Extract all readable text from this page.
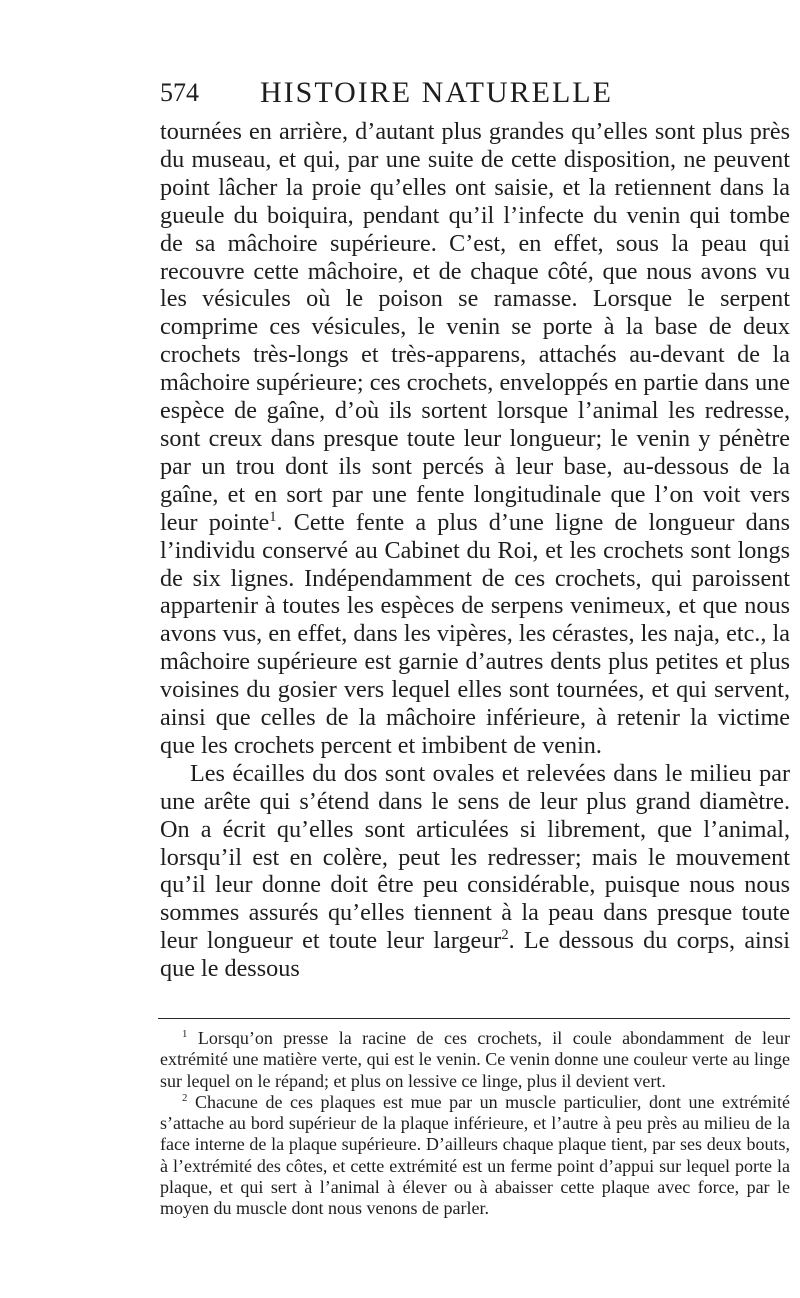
574 HISTOIRE NATURELLE

tournées en arrière, d’autant plus grandes qu’elles sont plus près du museau, et qui, par une suite de cette disposition, ne peuvent point lâcher la proie qu’elles ont saisie, et la retiennent dans la gueule du boiquira, pendant qu’il l’infecte du venin qui tombe de sa mâchoire supérieure. C’est, en effet, sous la peau qui recouvre cette mâchoire, et de chaque côté, que nous avons vu les vésicules où le poison se ramasse. Lorsque le serpent comprime ces vésicules, le venin se porte à la base de deux crochets très-longs et très-apparens, attachés au-devant de la mâchoire supérieure; ces crochets, enveloppés en partie dans une espèce de gaîne, d’où ils sortent lorsque l’animal les redresse, sont creux dans presque toute leur longueur; le venin y pénètre par un trou dont ils sont percés à leur base, au-dessous de la gaîne, et en sort par une fente longitudinale que l’on voit vers leur pointe$^1$. Cette fente a plus d’une ligne de longueur dans l’individu conservé au Cabinet du Roi, et les crochets sont longs de six lignes. Indépendamment de ces crochets, qui paroissent appartenir à toutes les espèces de serpens venimeux, et que nous avons vus, en effet, dans les vipères, les cérastes, les naja, etc., la mâchoire supérieure est garnie d’autres dents plus petites et plus voisines du gosier vers lequel elles sont tournées, et qui servent, ainsi que celles de la mâchoire inférieure, à retenir la victime que les crochets percent et imbibent de venin.

Les écailles du dos sont ovales et relevées dans le milieu par une arête qui s’étend dans le sens de leur plus grand diamètre. On a écrit qu’elles sont articulées si librement, que l’animal, lorsqu’il est en colère, peut les redresser; mais le mouvement qu’il leur donne doit être peu considérable, puisque nous nous sommes assurés qu’elles tiennent à la peau dans presque toute leur longueur et toute leur largeur$^2$. Le dessous du corps, ainsi que le dessous

$^1$ Lorsqu’on presse la racine de ces crochets, il coule abondamment de leur extrémité une matière verte, qui est le venin. Ce venin donne une couleur verte au linge sur lequel on le répand; et plus on lessive ce linge, plus il devient vert.

$^2$ Chacune de ces plaques est mue par un muscle particulier, dont une extrémité s’attache au bord supérieur de la plaque inférieure, et l’autre à peu près au milieu de la face interne de la plaque supérieure. D’ailleurs chaque plaque tient, par ses deux bouts, à l’extrémité des côtes, et cette extrémité est un ferme point d’appui sur lequel porte la plaque, et qui sert à l’animal à élever ou à abaisser cette plaque avec force, par le moyen du muscle dont nous venons de parler.
